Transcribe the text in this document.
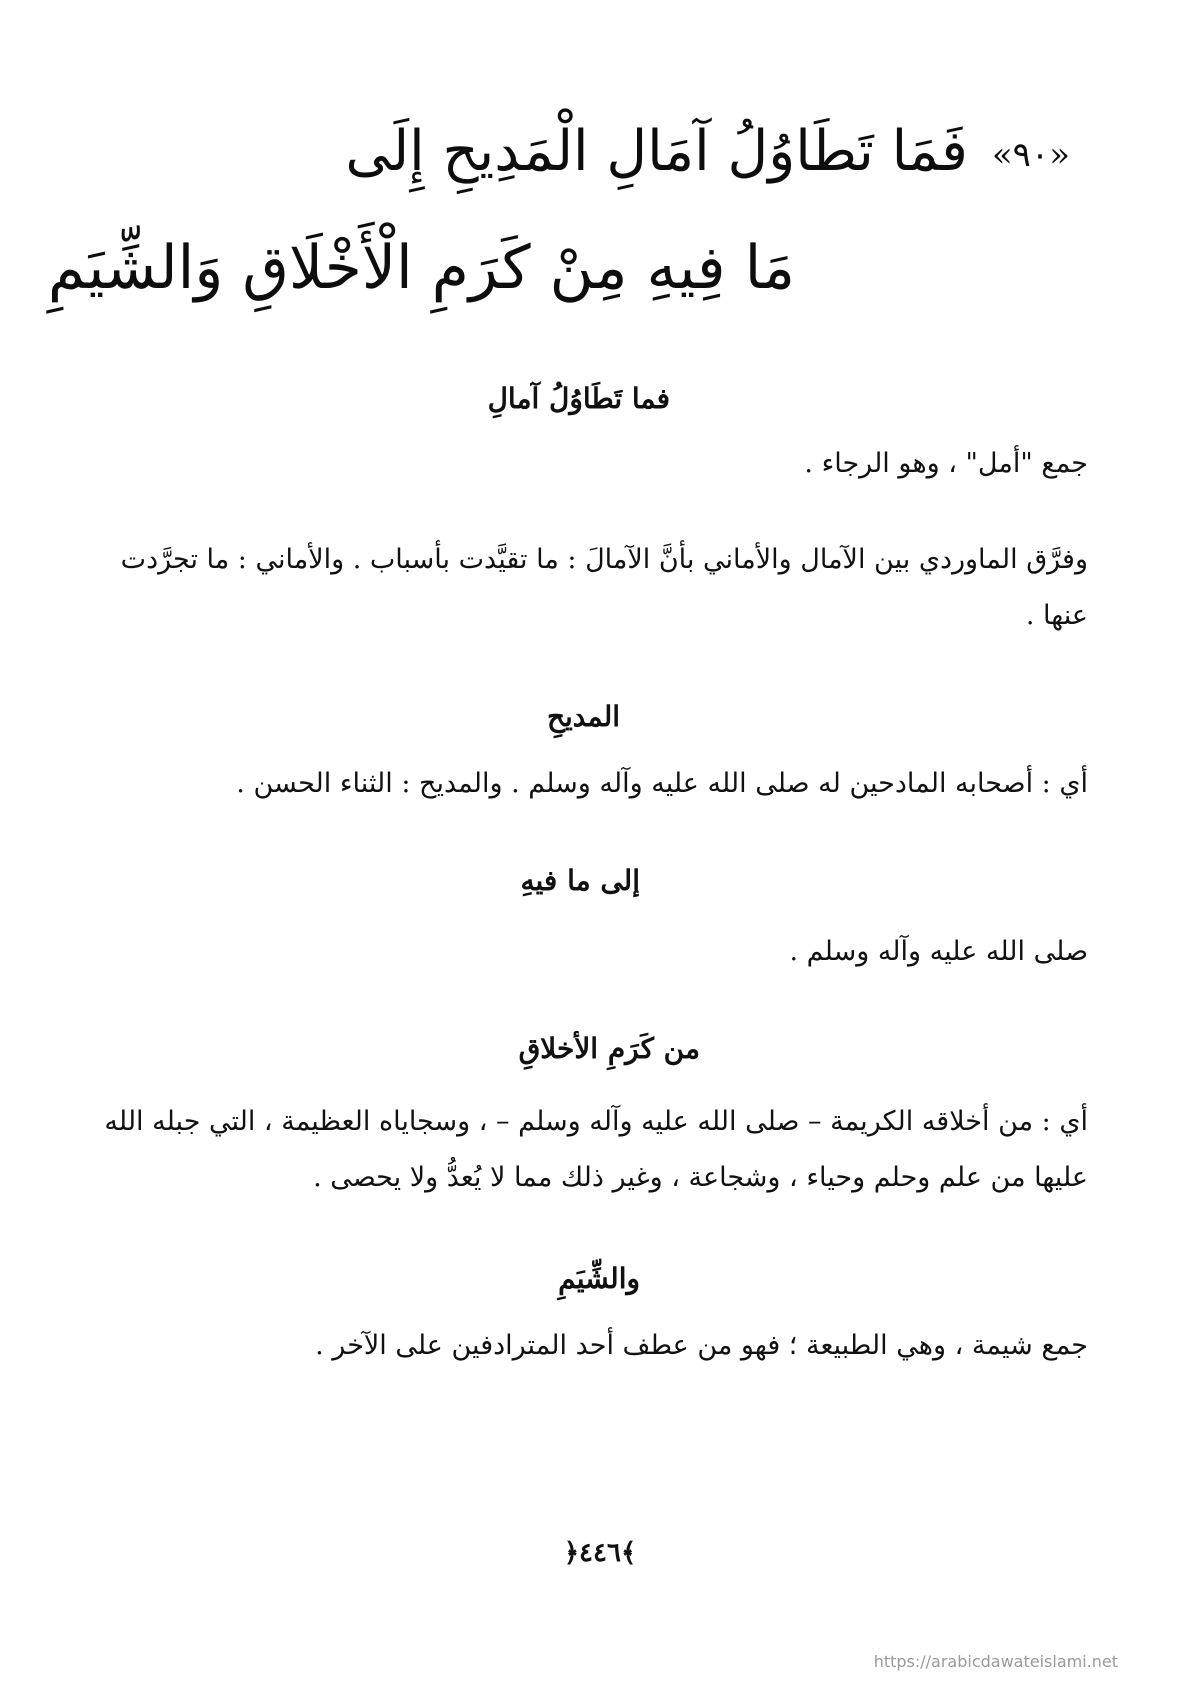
«٩٠»فَمَا تَطَاوُلُ آمَالِ الْمَدِيحِ إِلَى
مَا فِيهِ مِنْ كَرَمِ الْأَخْلَاقِ وَالشِّيَمِ
فما تَطَاوُلُ آمالِ
جمع "أمل" ، وهو الرجاء .
وفرَّق الماوردي بين الآمال والأماني بأنَّ الآمالَ : ما تقيَّدت بأسباب . والأماني : ما تجرَّدت عنها .
المديحِ
أي : أصحابه المادحين له صلى الله عليه وآله وسلم . والمديح : الثناء الحسن .
إلى ما فيهِ
صلى الله عليه وآله وسلم .
من كَرَمِ الأخلاقِ
أي : من أخلاقه الكريمة – صلى الله عليه وآله وسلم – ، وسجاياه العظيمة ، التي جبله الله عليها من علم وحلم وحياء ، وشجاعة ، وغير ذلك مما لا يُعدُّ ولا يحصى .
والشِّيَمِ
جمع شيمة ، وهي الطبيعة ؛ فهو من عطف أحد المترادفين على الآخر .
﴿٤٤٦﴾
https://arabicdawateislami.net
